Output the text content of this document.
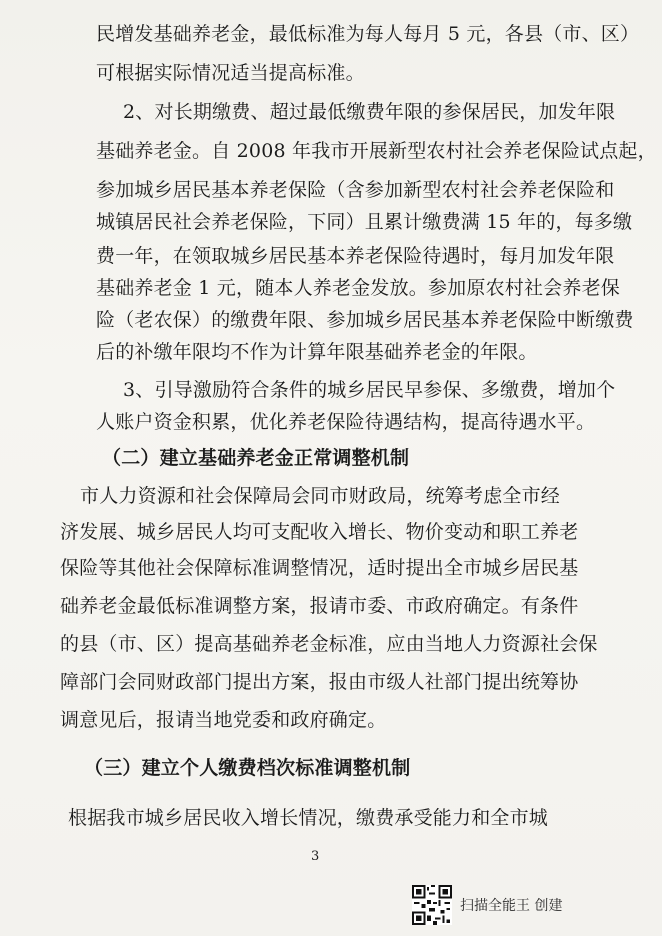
民增发基础养老金，最低标准为每人每月 5 元，各县（市、区）
可根据实际情况适当提高标准。
2、对长期缴费、超过最低缴费年限的参保居民，加发年限
基础养老金。自 2008 年我市开展新型农村社会养老保险试点起，
参加城乡居民基本养老保险（含参加新型农村社会养老保险和
城镇居民社会养老保险，下同）且累计缴费满 15 年的，每多缴
费一年，在领取城乡居民基本养老保险待遇时，每月加发年限
基础养老金 1 元，随本人养老金发放。参加原农村社会养老保
险（老农保）的缴费年限、参加城乡居民基本养老保险中断缴费
后的补缴年限均不作为计算年限基础养老金的年限。
3、引导激励符合条件的城乡居民早参保、多缴费，增加个
人账户资金积累，优化养老保险待遇结构，提高待遇水平。
（二）建立基础养老金正常调整机制
市人力资源和社会保障局会同市财政局，统筹考虑全市经
济发展、城乡居民人均可支配收入增长、物价变动和职工养老
保险等其他社会保障标准调整情况，适时提出全市城乡居民基
础养老金最低标准调整方案，报请市委、市政府确定。有条件
的县（市、区）提高基础养老金标准，应由当地人力资源社会保
障部门会同财政部门提出方案，报由市级人社部门提出统筹协
调意见后，报请当地党委和政府确定。
（三）建立个人缴费档次标准调整机制
根据我市城乡居民收入增长情况，缴费承受能力和全市城
3
扫描全能王 创建
